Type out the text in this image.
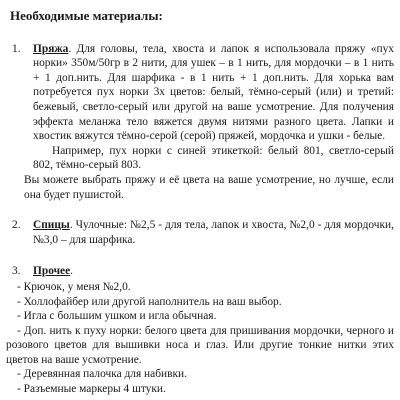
Необходимые материалы:
1. Пряжа. Для головы, тела, хвоста и лапок я использовала пряжу «пух норки» 350м/50гр в 2 нити, для ушек – в 1 нить, для мордочки – в 1 нить + 1 доп.нить. Для шарфика - в 1 нить + 1 доп.нить. Для хорька вам потребуется пух норки 3х цветов: белый, тёмно-серый (или) и третий: бежевый, светло-серый или другой на ваше усмотрение. Для получения эффекта меланжа тело вяжется двумя нитями разного цвета. Лапки и хвостик вяжутся тёмно-серой (серой) пряжей, мордочка и ушки - белые.
Например, пух норки с синей этикеткой: белый 801, светло-серый 802, тёмно-серый 803.
Вы можете выбрать пряжу и её цвета на ваше усмотрение, но лучше, если она будет пушистой.
2. Спицы. Чулочные: №2,5 - для тела, лапок и хвоста, №2,0 - для мордочки, №3,0 – для шарфика.
3. Прочее.
- Крючок, у меня №2,0.
- Холлофайбер или другой наполнитель на ваш выбор.
- Игла с большим ушком и игла обычная.
- Доп. нить к пуху норки: белого цвета для пришивания мордочки, черного и розового цветов для вышивки носа и глаз. Или другие тонкие нитки этих цветов на ваше усмотрение.
- Деревянная палочка для набивки.
- Разъемные маркеры 4 штуки.
